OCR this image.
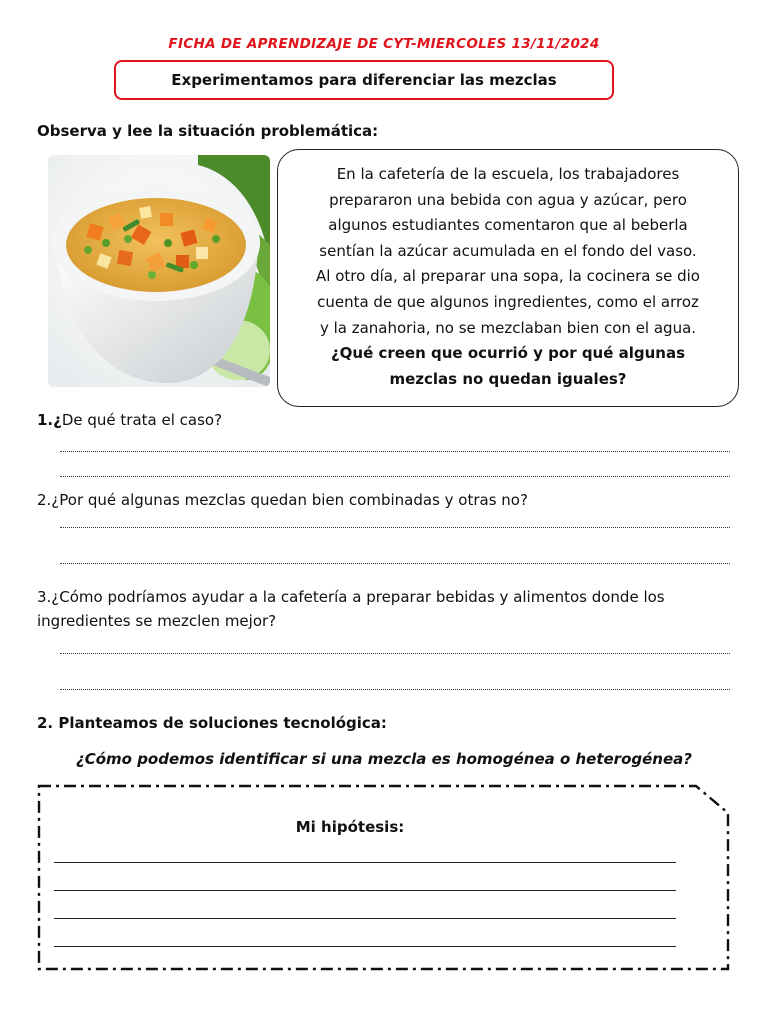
FICHA DE APRENDIZAJE DE CYT-MIERCOLES 13/11/2024
Experimentamos para diferenciar las mezclas
Observa y lee la situación problemática:
En la cafetería de la escuela, los trabajadores
prepararon una bebida con agua y azúcar, pero
algunos estudiantes comentaron que al beberla
sentían la azúcar acumulada en el fondo del vaso.
Al otro día, al preparar una sopa, la cocinera se dio
cuenta de que algunos ingredientes, como el arroz
y la zanahoria, no se mezclaban bien con el agua.
¿Qué creen que ocurrió y por qué algunas
mezclas no quedan iguales?
1.¿De qué trata el caso?
2.¿Por qué algunas mezclas quedan bien combinadas y otras no?
3.¿Cómo podríamos ayudar a la cafetería a preparar bebidas y alimentos donde los
ingredientes se mezclen mejor?
2. Planteamos de soluciones tecnológica:
¿Cómo podemos identificar si una mezcla es homogénea o heterogénea?
Mi hipótesis:
